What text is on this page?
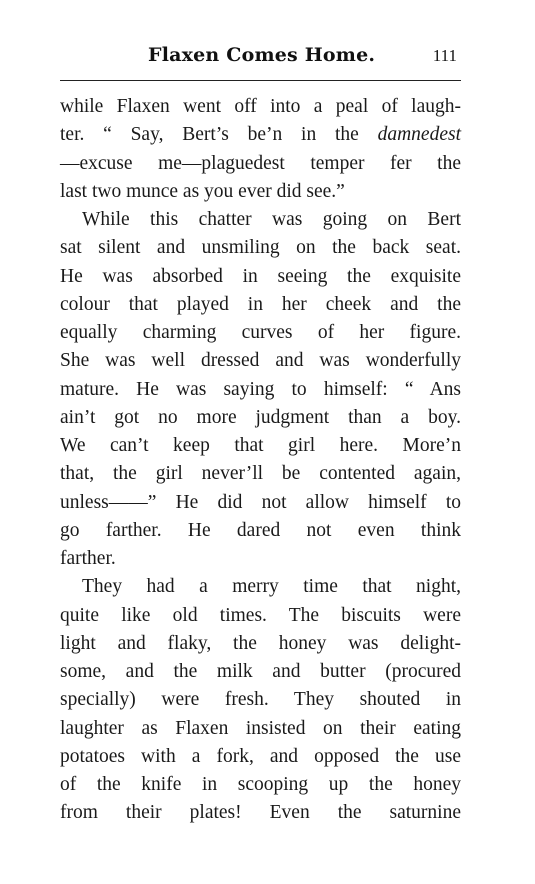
Flaxen Comes Home.	111
while Flaxen went off into a peal of laugh-
ter. “ Say, Bert’s be’n in the damnedest
—excuse me—plaguedest temper fer the
last two munce as you ever did see.”
While this chatter was going on Bert
sat silent and unsmiling on the back seat.
He was absorbed in seeing the exquisite
colour that played in her cheek and the
equally charming curves of her figure.
She was well dressed and was wonderfully
mature. He was saying to himself: “ Ans
ain’t got no more judgment than a boy.
We can’t keep that girl here. More’n
that, the girl never’ll be contented again,
unless——” He did not allow himself to
go farther. He dared not even think
farther.
They had a merry time that night,
quite like old times. The biscuits were
light and flaky, the honey was delight-
some, and the milk and butter (procured
specially) were fresh. They shouted in
laughter as Flaxen insisted on their eating
potatoes with a fork, and opposed the use
of the knife in scooping up the honey
from their plates! Even the saturnine
